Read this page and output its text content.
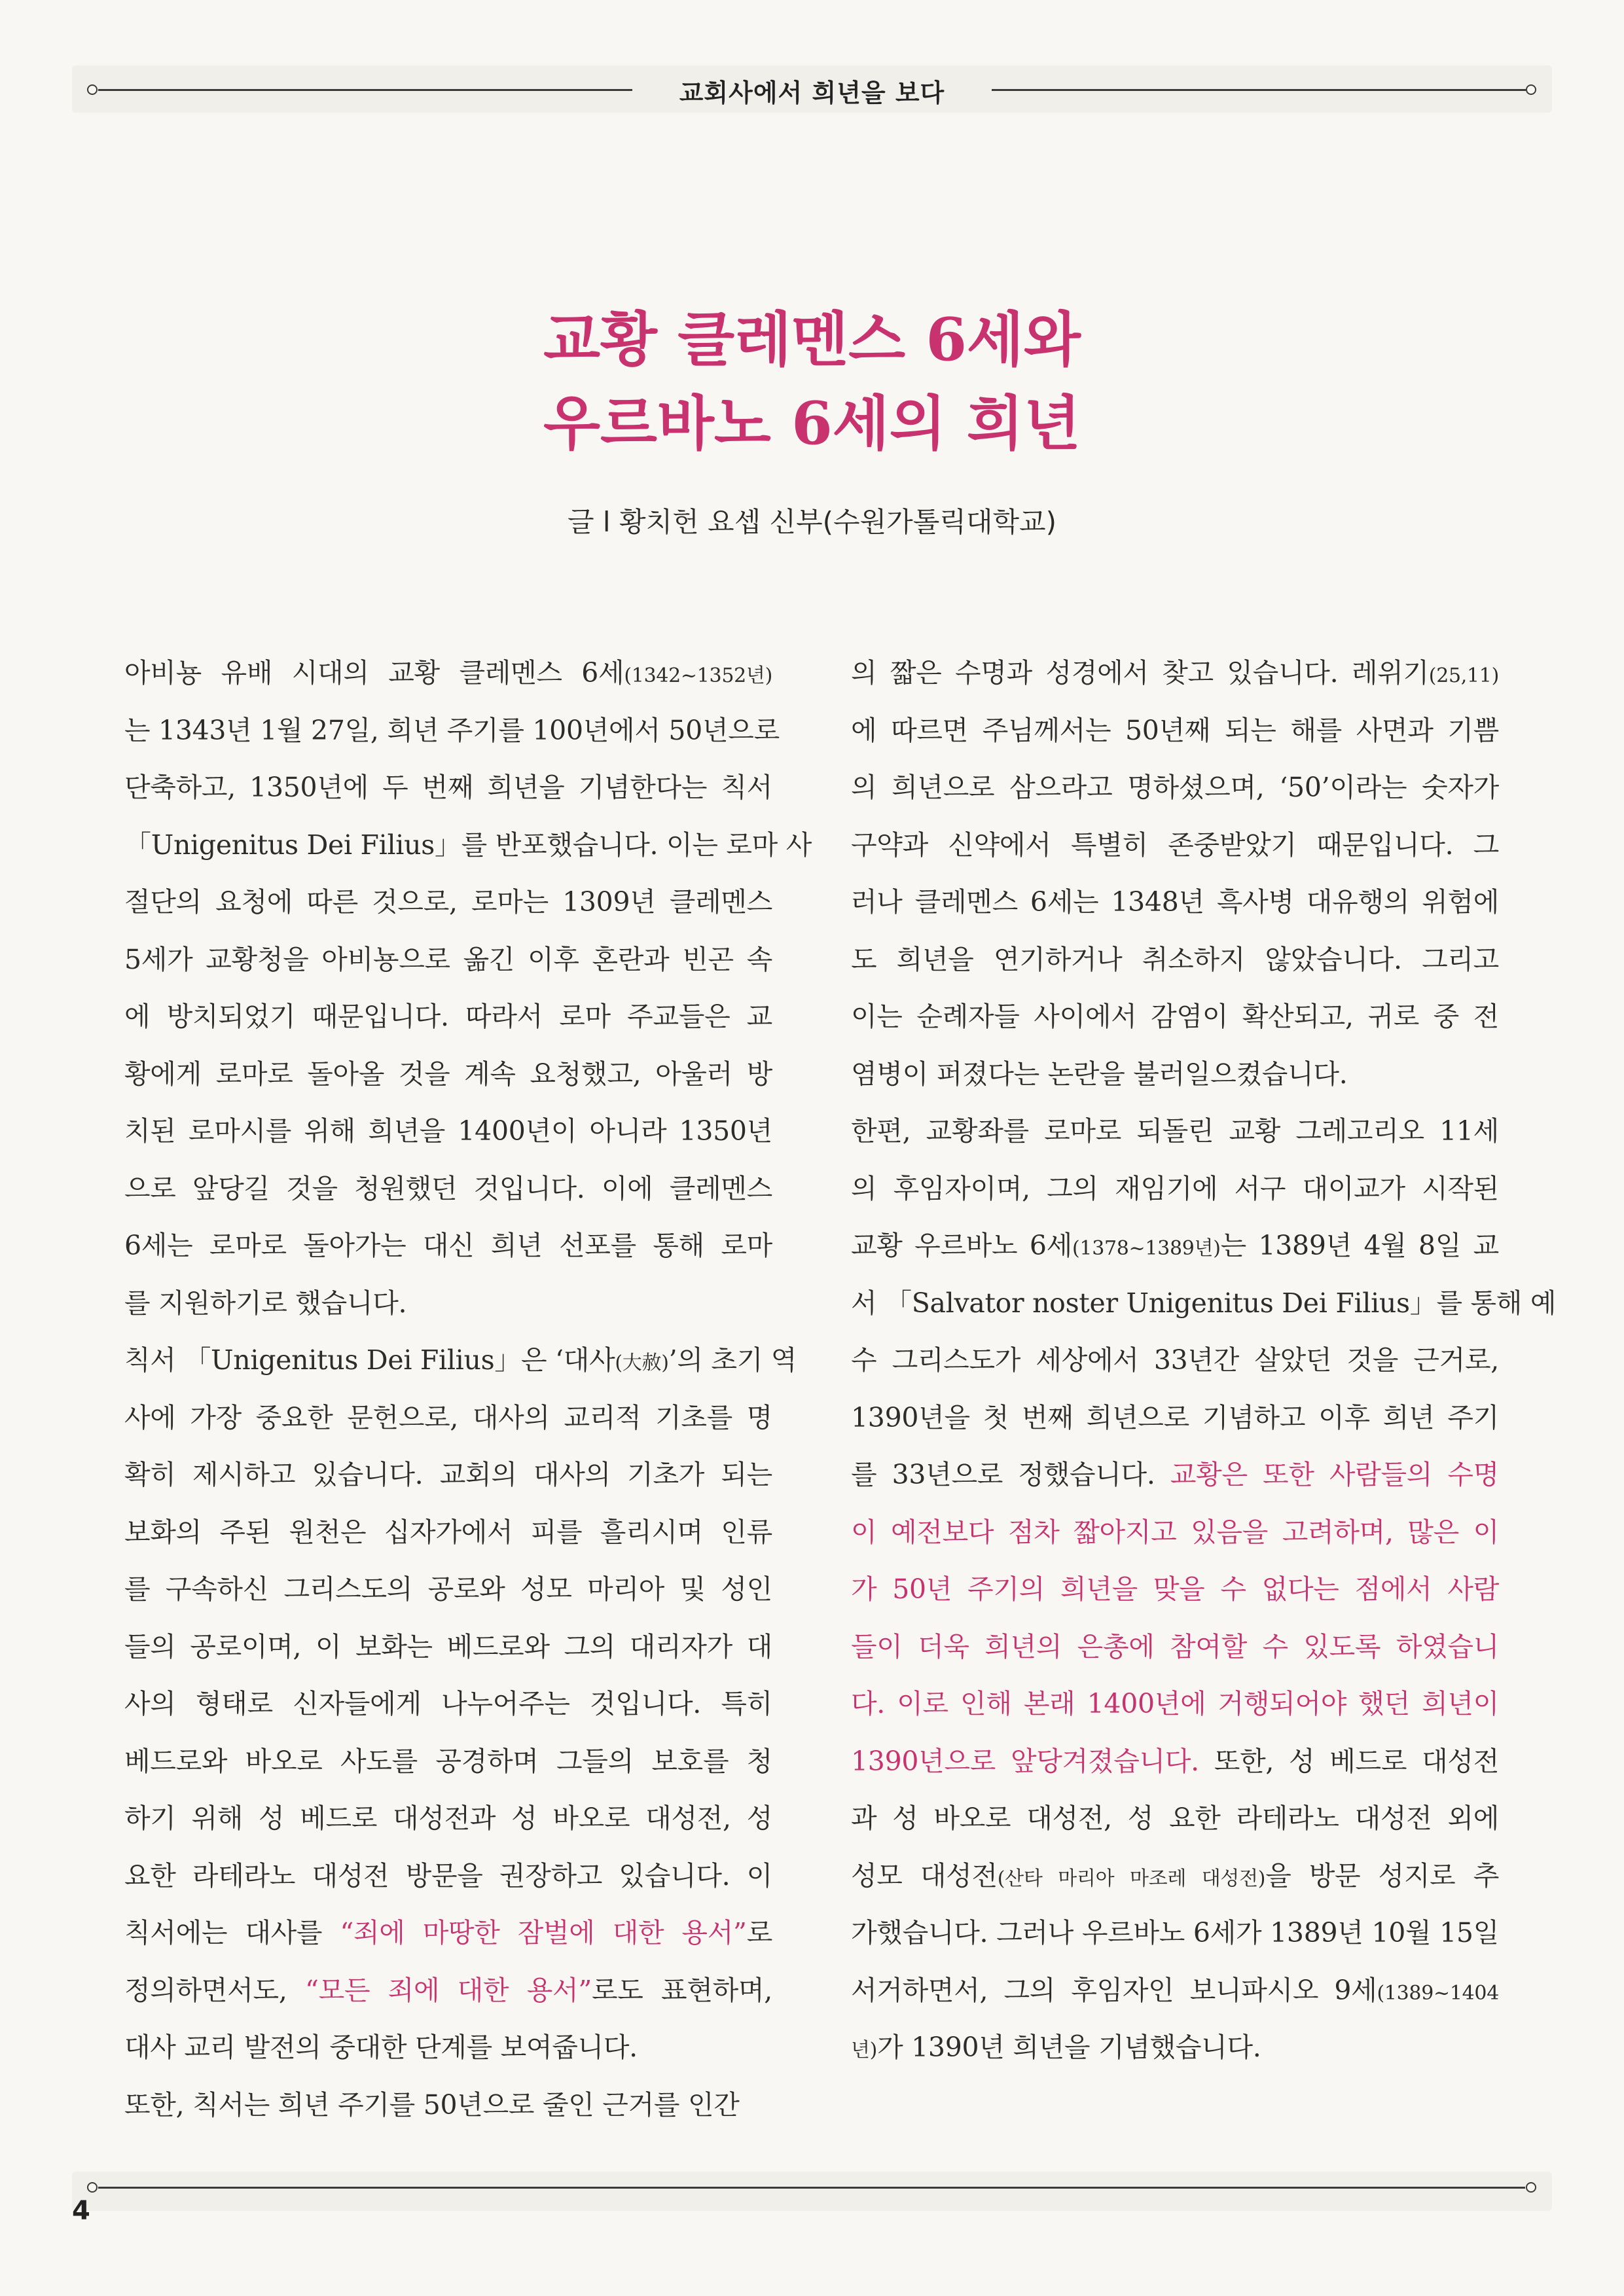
교회사에서 희년을 보다
교황 클레멘스 6세와
우르바노 6세의 희년
글 l 황치헌 요셉 신부(수원가톨릭대학교)
아비뇽 유배 시대의 교황 클레멘스 6세(1342~1352년)
는 1343년 1월 27일, 희년 주기를 100년에서 50년으로
단축하고, 1350년에 두 번째 희년을 기념한다는 칙서
「Unigenitus Dei Filius」를 반포했습니다. 이는 로마 사
절단의 요청에 따른 것으로, 로마는 1309년 클레멘스
5세가 교황청을 아비뇽으로 옮긴 이후 혼란과 빈곤 속
에 방치되었기 때문입니다. 따라서 로마 주교들은 교
황에게 로마로 돌아올 것을 계속 요청했고, 아울러 방
치된 로마시를 위해 희년을 1400년이 아니라 1350년
으로 앞당길 것을 청원했던 것입니다. 이에 클레멘스
6세는 로마로 돌아가는 대신 희년 선포를 통해 로마
를 지원하기로 했습니다.
칙서 「Unigenitus Dei Filius」은 ‘대사(大赦)’의 초기 역
사에 가장 중요한 문헌으로, 대사의 교리적 기초를 명
확히 제시하고 있습니다. 교회의 대사의 기초가 되는
보화의 주된 원천은 십자가에서 피를 흘리시며 인류
를 구속하신 그리스도의 공로와 성모 마리아 및 성인
들의 공로이며, 이 보화는 베드로와 그의 대리자가 대
사의 형태로 신자들에게 나누어주는 것입니다. 특히
베드로와 바오로 사도를 공경하며 그들의 보호를 청
하기 위해 성 베드로 대성전과 성 바오로 대성전, 성
요한 라테라노 대성전 방문을 권장하고 있습니다. 이
칙서에는 대사를 “죄에 마땅한 잠벌에 대한 용서”로
정의하면서도, “모든 죄에 대한 용서”로도 표현하며,
대사 교리 발전의 중대한 단계를 보여줍니다.
또한, 칙서는 희년 주기를 50년으로 줄인 근거를 인간
의 짧은 수명과 성경에서 찾고 있습니다. 레위기(25,11)
에 따르면 주님께서는 50년째 되는 해를 사면과 기쁨
의 희년으로 삼으라고 명하셨으며, ‘50’이라는 숫자가
구약과 신약에서 특별히 존중받았기 때문입니다. 그
러나 클레멘스 6세는 1348년 흑사병 대유행의 위험에
도 희년을 연기하거나 취소하지 않았습니다. 그리고
이는 순례자들 사이에서 감염이 확산되고, 귀로 중 전
염병이 퍼졌다는 논란을 불러일으켰습니다.
한편, 교황좌를 로마로 되돌린 교황 그레고리오 11세
의 후임자이며, 그의 재임기에 서구 대이교가 시작된
교황 우르바노 6세(1378~1389년)는 1389년 4월 8일 교
서 「Salvator noster Unigenitus Dei Filius」를 통해 예
수 그리스도가 세상에서 33년간 살았던 것을 근거로,
1390년을 첫 번째 희년으로 기념하고 이후 희년 주기
를 33년으로 정했습니다. 교황은 또한 사람들의 수명
이 예전보다 점차 짧아지고 있음을 고려하며, 많은 이
가 50년 주기의 희년을 맞을 수 없다는 점에서 사람
들이 더욱 희년의 은총에 참여할 수 있도록 하였습니
다. 이로 인해 본래 1400년에 거행되어야 했던 희년이
1390년으로 앞당겨졌습니다. 또한, 성 베드로 대성전
과 성 바오로 대성전, 성 요한 라테라노 대성전 외에
성모 대성전(산타 마리아 마조레 대성전)을 방문 성지로 추
가했습니다. 그러나 우르바노 6세가 1389년 10월 15일
서거하면서, 그의 후임자인 보니파시오 9세(1389~1404
년)가 1390년 희년을 기념했습니다.
4
